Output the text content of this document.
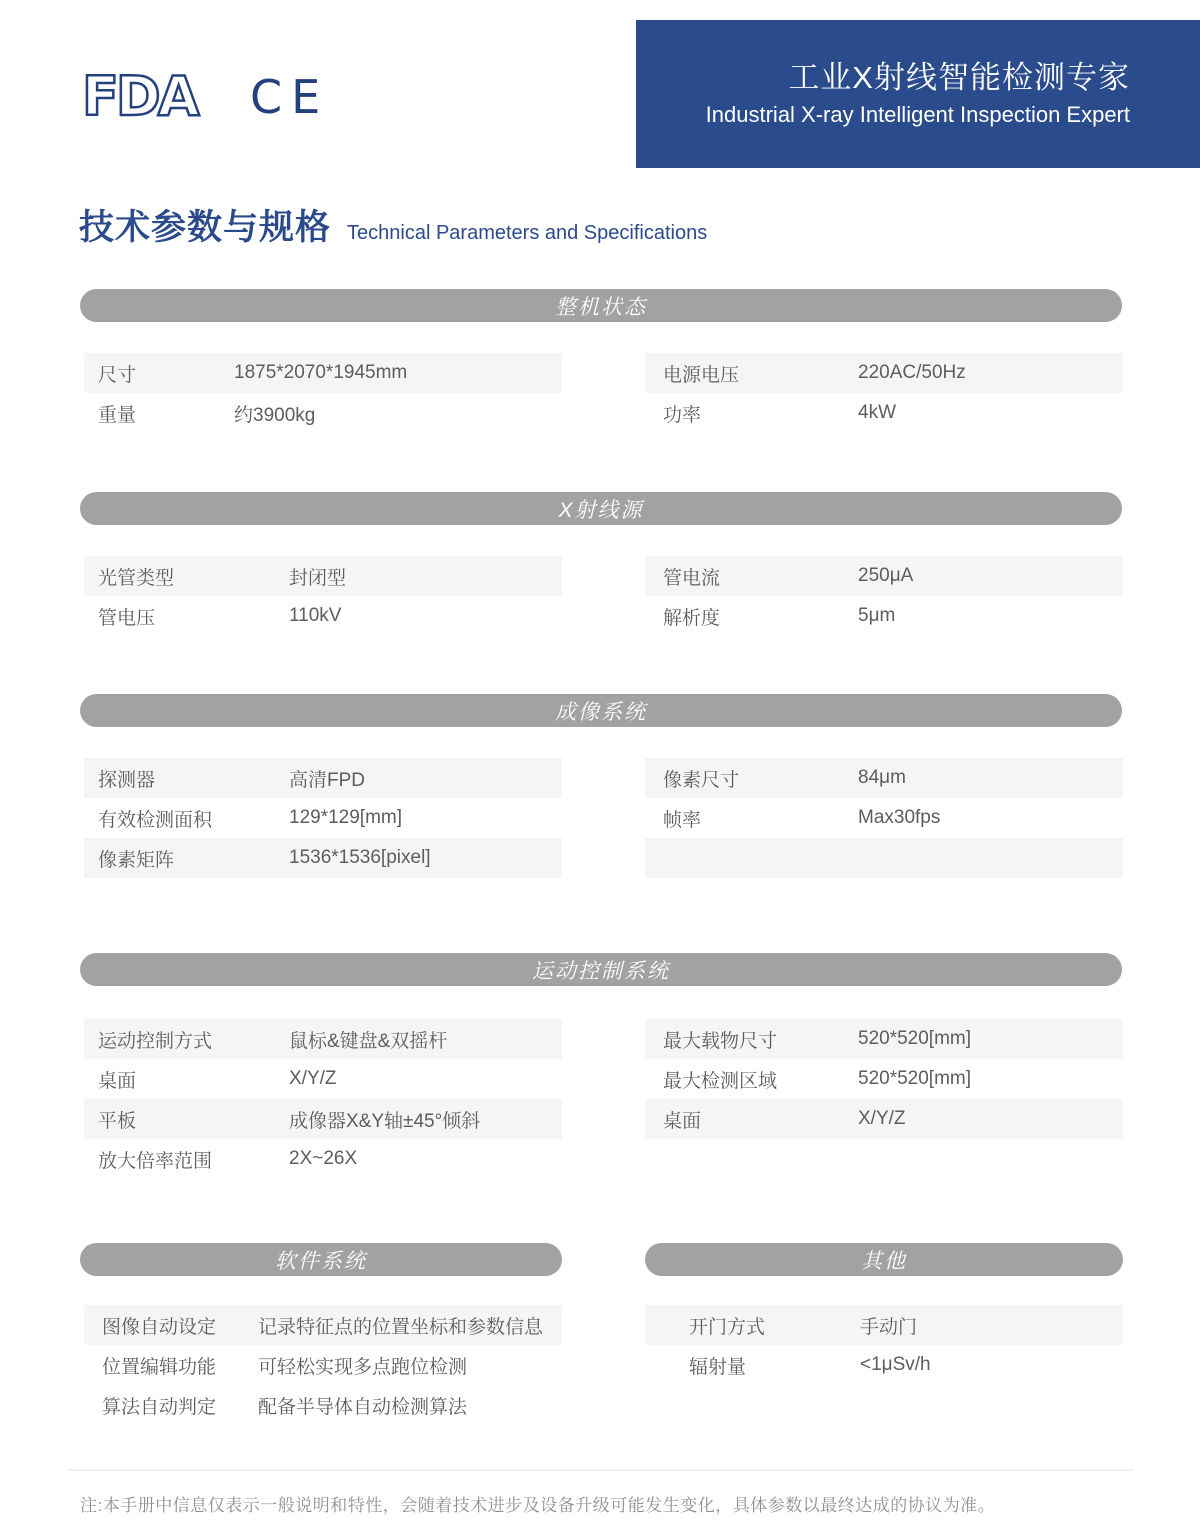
FDA CE	工业X射线智能检测专家
Industrial X-ray Intelligent Inspection Expert
技术参数与规格 Technical Parameters and Specifications
整机状态
尺寸	1875*2070*1945mm
重量	约3900kg
电源电压	220AC/50Hz
功率	4kW
X射线源
光管类型	封闭型
管电压	110kV
管电流	250μA
解析度	5μm
成像系统
探测器	高清FPD
有效检测面积	129*129[mm]
像素矩阵	1536*1536[pixel]
像素尺寸	84μm
帧率	Max30fps
运动控制系统
运动控制方式	鼠标&键盘&双摇杆
桌面	X/Y/Z
平板	成像器X&Y轴±45°倾斜
放大倍率范围	2X~26X
最大载物尺寸	520*520[mm]
最大检测区域	520*520[mm]
桌面	X/Y/Z
软件系统
图像自动设定	记录特征点的位置坐标和参数信息
位置编辑功能	可轻松实现多点跑位检测
算法自动判定	配备半导体自动检测算法
其他
开门方式	手动门
辐射量	<1μSv/h
注:本手册中信息仅表示一般说明和特性，会随着技术进步及设备升级可能发生变化，具体参数以最终达成的协议为准。
